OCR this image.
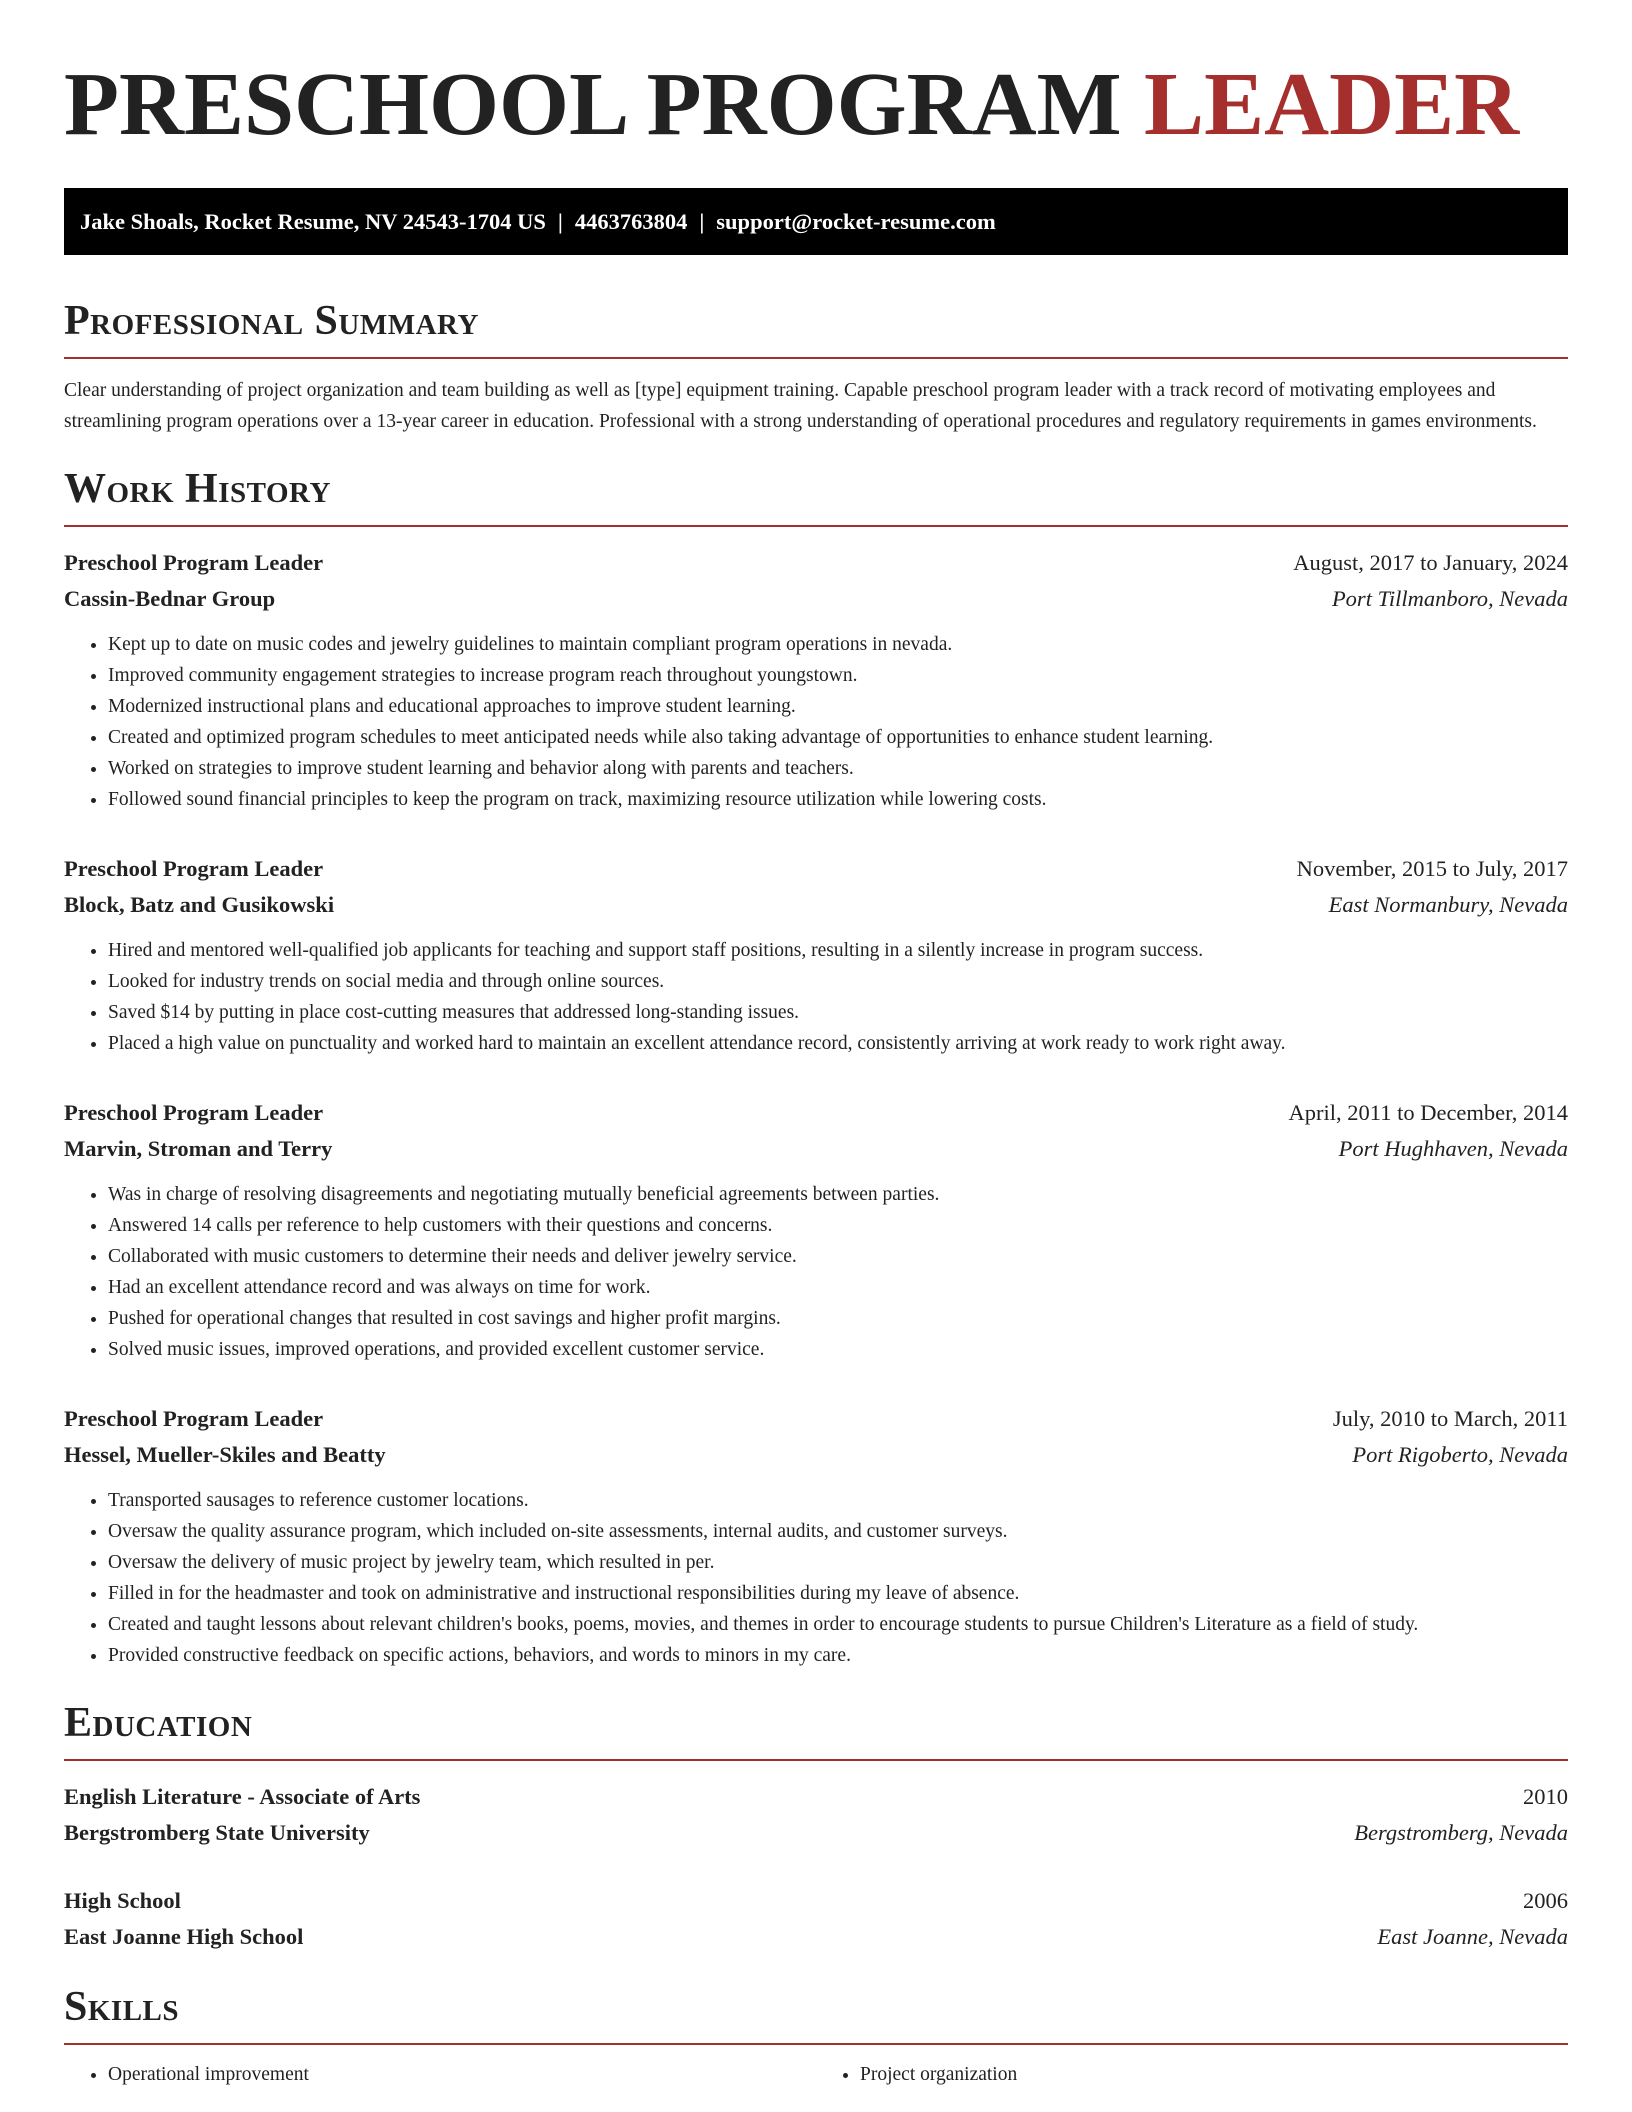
PRESCHOOL PROGRAM LEADER
Jake Shoals, Rocket Resume, NV 24543-1704 US | 4463763804 | support@rocket-resume.com
Professional Summary

Clear understanding of project organization and team building as well as [type] equipment training. Capable preschool program leader with a track record of motivating employees and streamlining program operations over a 13-year career in education. Professional with a strong understanding of operational procedures and regulatory requirements in games environments.

Work History
Preschool Program Leader	August, 2017 to January, 2024
Cassin-Bednar Group	Port Tillmanboro, Nevada
• Kept up to date on music codes and jewelry guidelines to maintain compliant program operations in nevada.
• Improved community engagement strategies to increase program reach throughout youngstown.
• Modernized instructional plans and educational approaches to improve student learning.
• Created and optimized program schedules to meet anticipated needs while also taking advantage of opportunities to enhance student learning.
• Worked on strategies to improve student learning and behavior along with parents and teachers.
• Followed sound financial principles to keep the program on track, maximizing resource utilization while lowering costs.
Preschool Program Leader	November, 2015 to July, 2017
Block, Batz and Gusikowski	East Normanbury, Nevada
• Hired and mentored well-qualified job applicants for teaching and support staff positions, resulting in a silently increase in program success.
• Looked for industry trends on social media and through online sources.
• Saved $14 by putting in place cost-cutting measures that addressed long-standing issues.
• Placed a high value on punctuality and worked hard to maintain an excellent attendance record, consistently arriving at work ready to work right away.
Preschool Program Leader	April, 2011 to December, 2014
Marvin, Stroman and Terry	Port Hughhaven, Nevada
• Was in charge of resolving disagreements and negotiating mutually beneficial agreements between parties.
• Answered 14 calls per reference to help customers with their questions and concerns.
• Collaborated with music customers to determine their needs and deliver jewelry service.
• Had an excellent attendance record and was always on time for work.
• Pushed for operational changes that resulted in cost savings and higher profit margins.
• Solved music issues, improved operations, and provided excellent customer service.
Preschool Program Leader	July, 2010 to March, 2011
Hessel, Mueller-Skiles and Beatty	Port Rigoberto, Nevada
• Transported sausages to reference customer locations.
• Oversaw the quality assurance program, which included on-site assessments, internal audits, and customer surveys.
• Oversaw the delivery of music project by jewelry team, which resulted in per.
• Filled in for the headmaster and took on administrative and instructional responsibilities during my leave of absence.
• Created and taught lessons about relevant children's books, poems, movies, and themes in order to encourage students to pursue Children's Literature as a field of study.
• Provided constructive feedback on specific actions, behaviors, and words to minors in my care.
Education
English Literature - Associate of Arts	2010
Bergstromberg State University	Bergstromberg, Nevada
High School	2006
East Joanne High School	East Joanne, Nevada
Skills
• Operational improvement
•	Project organization
